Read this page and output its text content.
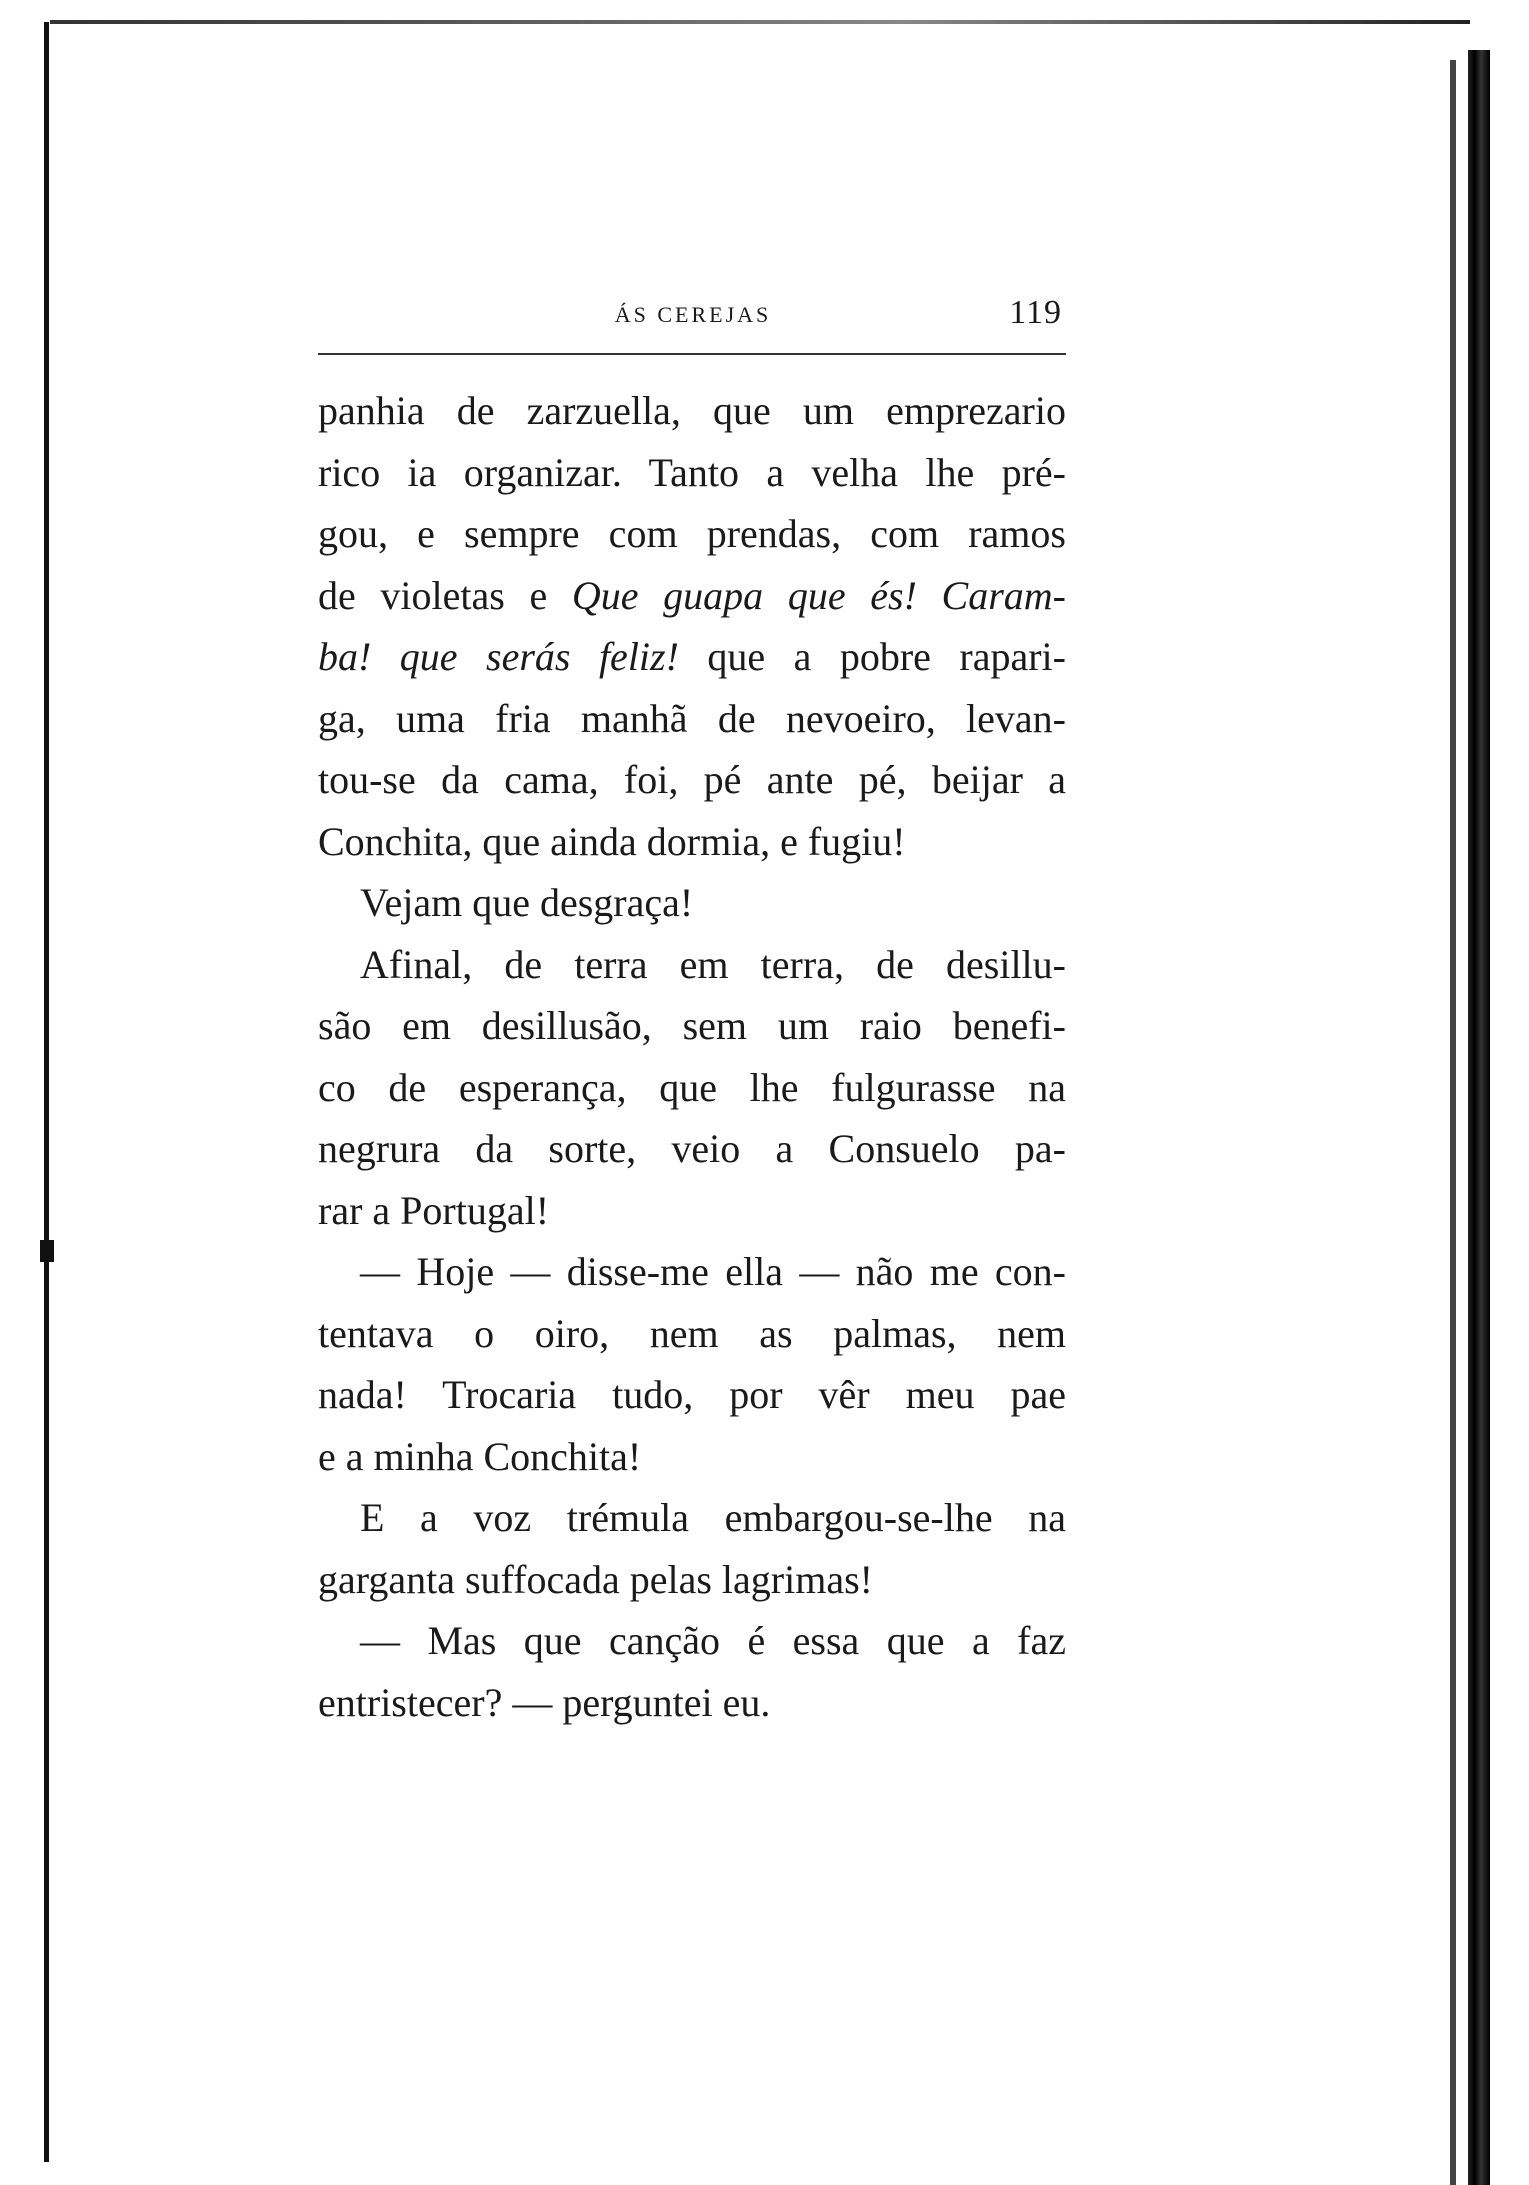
ÁS CEREJAS	119

panhia de zarzuella, que um emprezario
rico ia organizar. Tanto a velha lhe pré-
gou, e sempre com prendas, com ramos
de violetas e Que guapa que és! Caram-
ba! que serás feliz! que a pobre rapari-
ga, uma fria manhã de nevoeiro, levan-
tou-se da cama, foi, pé ante pé, beijar a
Conchita, que ainda dormia, e fugiu!

Vejam que desgraça!

Afinal, de terra em terra, de desillu-
são em desillusão, sem um raio benefi-
co de esperança, que lhe fulgurasse na
negrura da sorte, veio a Consuelo pa-
rar a Portugal!

— Hoje — disse-me ella — não me con-
tentava o oiro, nem as palmas, nem
nada! Trocaria tudo, por vêr meu pae
e a minha Conchita!

E a voz trémula embargou-se-lhe na
garganta suffocada pelas lagrimas!

— Mas que canção é essa que a faz
entristecer? — perguntei eu.
